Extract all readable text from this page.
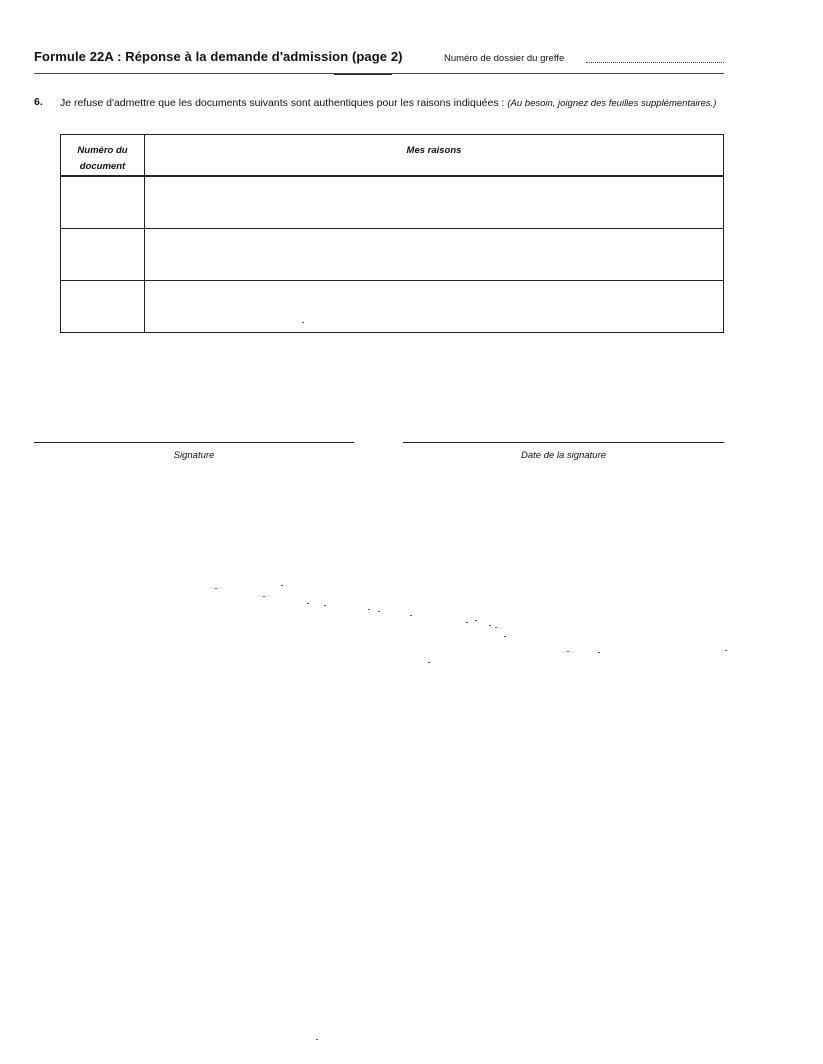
Formule 22A : Réponse à la demande d'admission (page 2)	Numéro de dossier du greffe
6. Je refuse d'admettre que les documents suivants sont authentiques pour les raisons indiquées : (Au besoin, joignez des feuilles supplémentaires.)
Numéro du
document	Mes raisons

Signature	Date de la signature
